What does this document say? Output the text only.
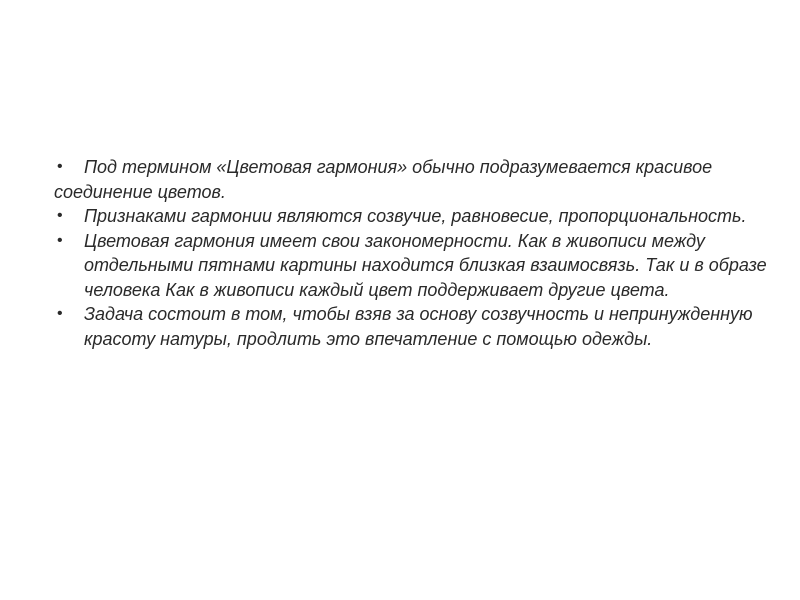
• Под термином «Цветовая гармония» обычно подразумевается красивое соединение цветов.
• Признаками гармонии являются созвучие, равновесие, пропорциональность.
• Цветовая гармония имеет свои закономерности. Как в живописи между отдельными пятнами картины находится близкая взаимосвязь. Так и в образе человека Как в живописи каждый цвет поддерживает другие цвета.
• Задача состоит в том, чтобы взяв за основу созвучность и непринужденную красоту натуры, продлить это впечатление с помощью одежды.
